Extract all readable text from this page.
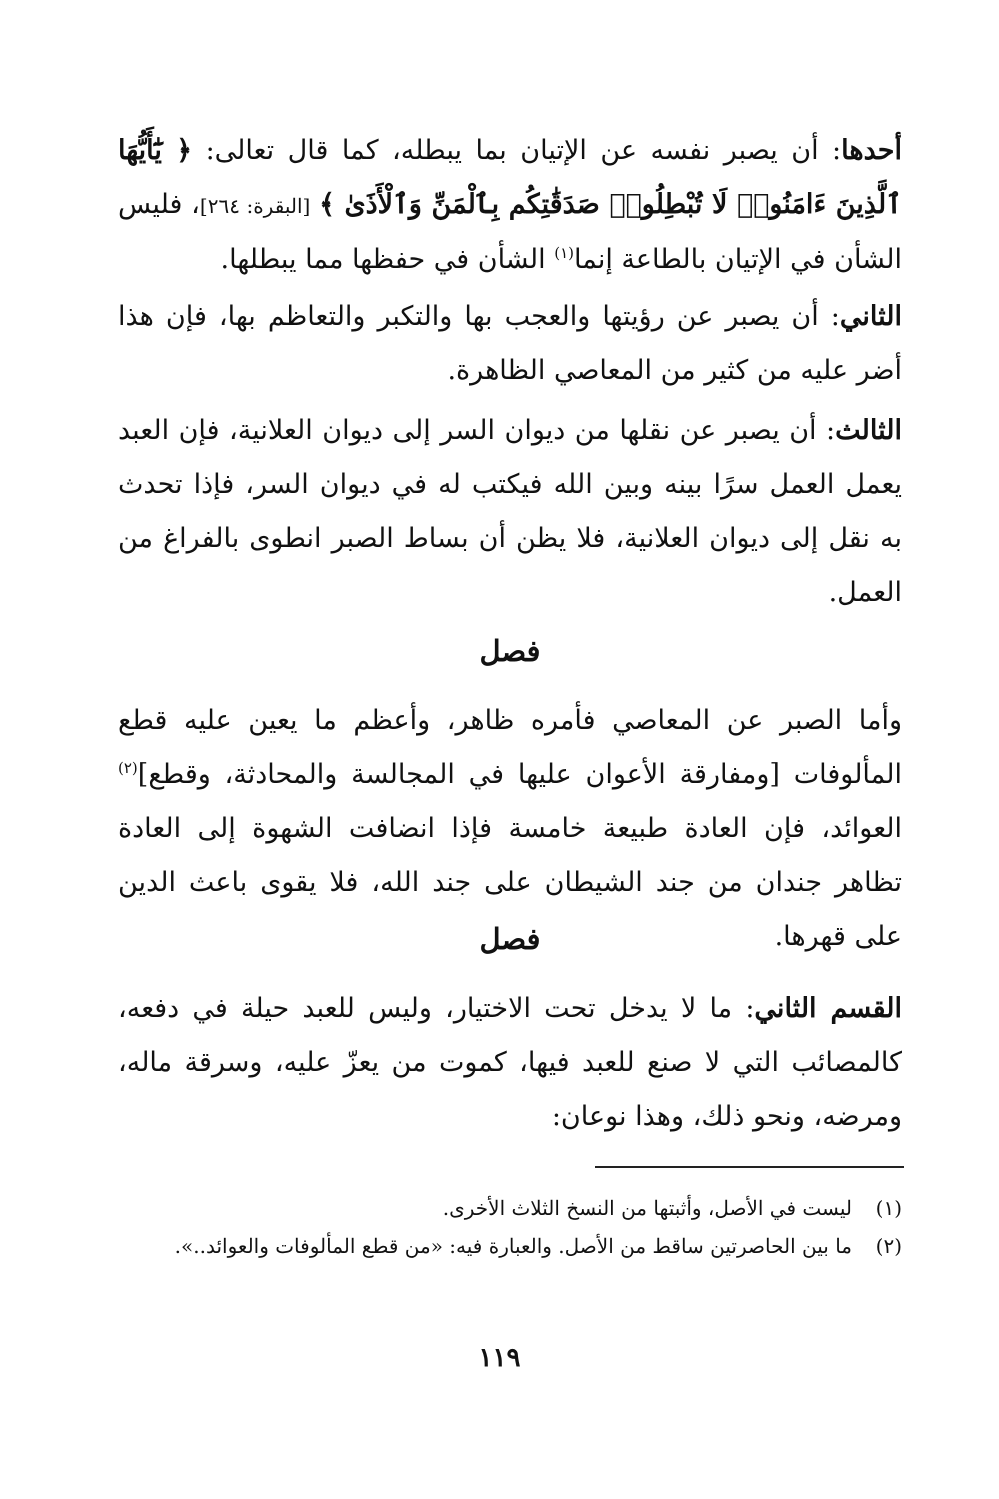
أحدها: أن يصبر نفسه عن الإتيان بما يبطله، كما قال تعالى: ﴿ يَٰٓأَيُّهَا ٱلَّذِينَ ءَامَنُوا۟ لَا تُبْطِلُوا۟ صَدَقَٰتِكُم بِٱلْمَنِّ وَٱلْأَذَىٰ ﴾ [البقرة: ٢٦٤]، فليس الشأن في الإتيان بالطاعة إنما$^{(١)}$ الشأن في حفظها مما يبطلها.

الثاني: أن يصبر عن رؤيتها والعجب بها والتكبر والتعاظم بها، فإن هذا أضر عليه من كثير من المعاصي الظاهرة.

الثالث: أن يصبر عن نقلها من ديوان السر إلى ديوان العلانية، فإن العبد يعمل العمل سرًا بينه وبين الله فيكتب له في ديوان السر، فإذا تحدث به نقل إلى ديوان العلانية، فلا يظن أن بساط الصبر انطوى بالفراغ من العمل.

فصل

وأما الصبر عن المعاصي فأمره ظاهر، وأعظم ما يعين عليه قطع المألوفات [ومفارقة الأعوان عليها في المجالسة والمحادثة، وقطع]$^{(٢)}$ العوائد، فإن العادة طبيعة خامسة فإذا انضافت الشهوة إلى العادة تظاهر جندان من جند الشيطان على جند الله، فلا يقوى باعث الدين على قهرها.

فصل

القسم الثاني: ما لا يدخل تحت الاختيار، وليس للعبد حيلة في دفعه، كالمصائب التي لا صنع للعبد فيها، كموت من يعزّ عليه، وسرقة ماله، ومرضه، ونحو ذلك، وهذا نوعان:

(١)
ليست في الأصل، وأثبتها من النسخ الثلاث الأخرى.
(٢)
ما بين الحاصرتين ساقط من الأصل. والعبارة فيه: «من قطع المألوفات والعوائد..».
١١٩
